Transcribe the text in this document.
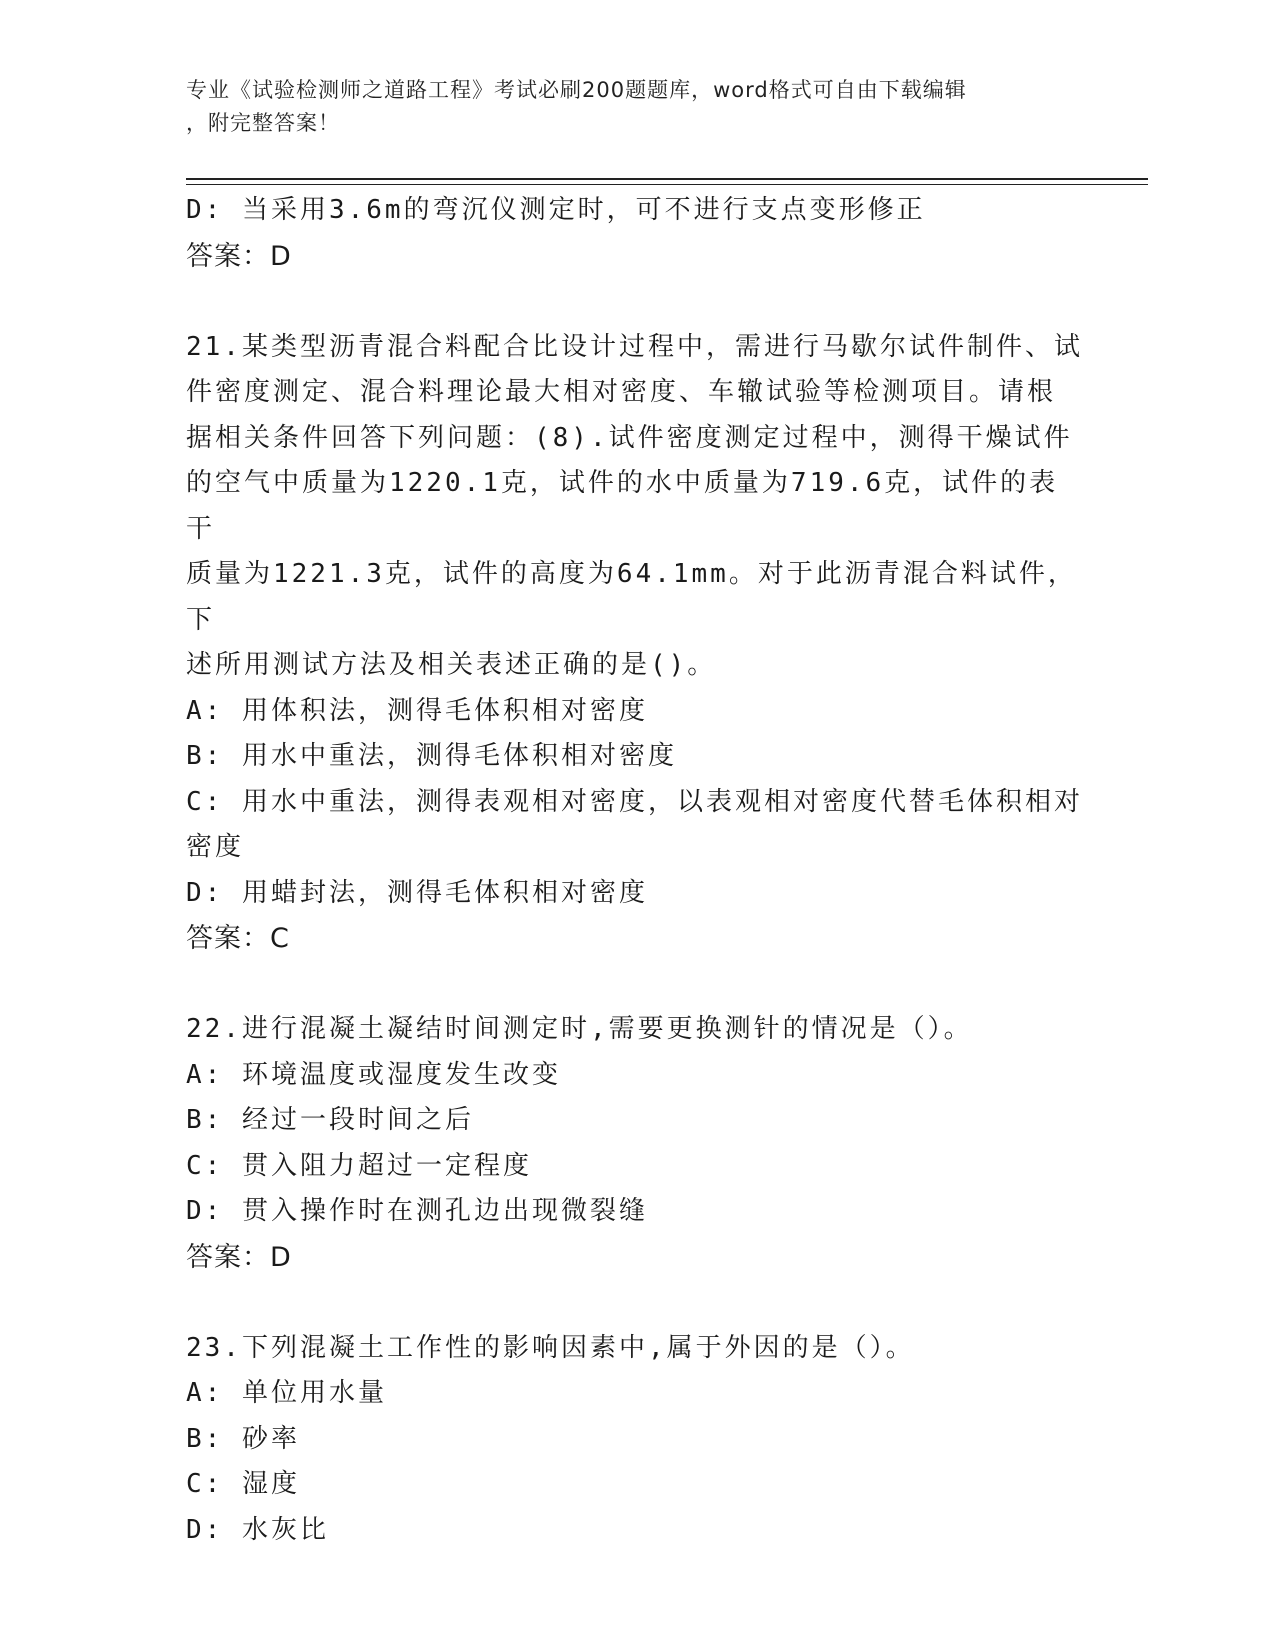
专业《试验检测师之道路工程》考试必刷200题题库，word格式可自由下载编辑
，附完整答案！
D: 当采用3.6m的弯沉仪测定时，可不进行支点变形修正
答案：D
21.某类型沥青混合料配合比设计过程中，需进行马歇尔试件制件、试
件密度测定、混合料理论最大相对密度、车辙试验等检测项目。请根
据相关条件回答下列问题：(8).试件密度测定过程中，测得干燥试件
的空气中质量为1220.1克，试件的水中质量为719.6克，试件的表干
质量为1221.3克，试件的高度为64.1mm。对于此沥青混合料试件，下
述所用测试方法及相关表述正确的是()。
A: 用体积法，测得毛体积相对密度
B: 用水中重法，测得毛体积相对密度
C: 用水中重法，测得表观相对密度，以表观相对密度代替毛体积相对
密度
D: 用蜡封法，测得毛体积相对密度
答案：C
22.进行混凝土凝结时间测定时,需要更换测针的情况是（）。
A: 环境温度或湿度发生改变
B: 经过一段时间之后
C: 贯入阻力超过一定程度
D: 贯入操作时在测孔边出现微裂缝
答案：D
23.下列混凝土工作性的影响因素中,属于外因的是（）。
A: 单位用水量
B: 砂率
C: 湿度
D: 水灰比
